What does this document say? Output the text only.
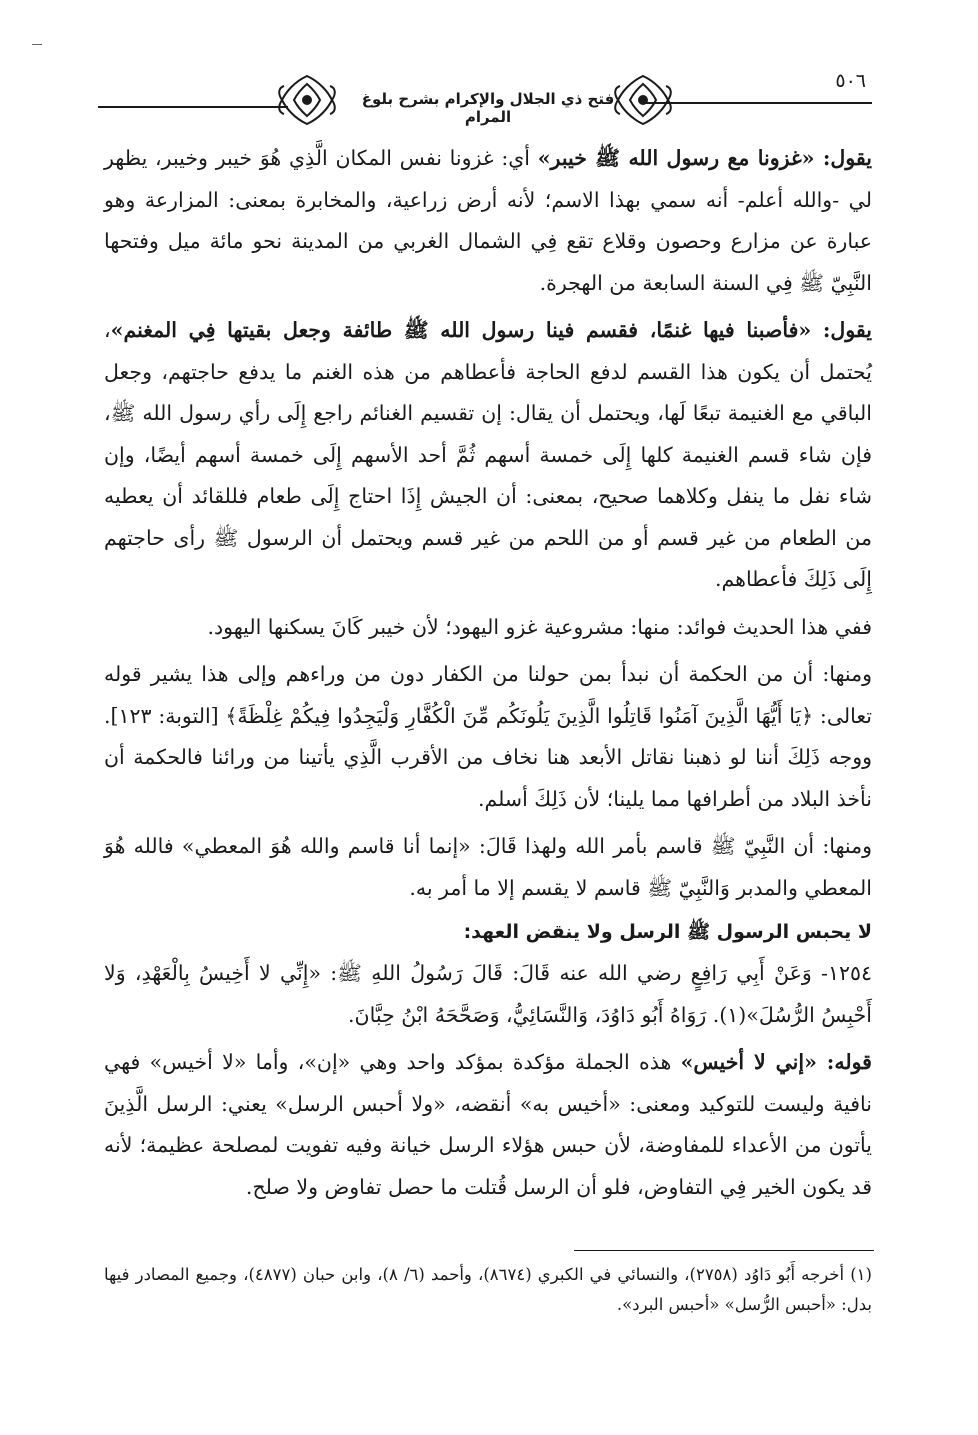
٥٠٦
فتح ذي الجلال والإكرام بشرح بلوغ المرام

يقول: «غزونا مع رسول الله ﷺ خيبر» أي: غزونا نفس المكان الَّذِي هُوَ خيبر وخيبر، يظهر لي -والله أعلم- أنه سمي بهذا الاسم؛ لأنه أرض زراعية، والمخابرة بمعنى: المزارعة وهو عبارة عن مزارع وحصون وقلاع تقع فِي الشمال الغربي من المدينة نحو مائة ميل وفتحها النَّبِيّ ﷺ فِي السنة السابعة من الهجرة.

يقول: «فأصبنا فيها غنمًا، فقسم فينا رسول الله ﷺ طائفة وجعل بقيتها فِي المغنم»، يُحتمل أن يكون هذا القسم لدفع الحاجة فأعطاهم من هذه الغنم ما يدفع حاجتهم، وجعل الباقي مع الغنيمة تبعًا لَها، ويحتمل أن يقال: إن تقسيم الغنائم راجع إِلَى رأي رسول الله ﷺ، فإن شاء قسم الغنيمة كلها إِلَى خمسة أسهم ثُمَّ أحد الأسهم إِلَى خمسة أسهم أيضًا، وإن شاء نفل ما ينفل وكلاهما صحيح، بمعنى: أن الجيش إِذَا احتاج إِلَى طعام فللقائد أن يعطيه من الطعام من غير قسم أو من اللحم من غير قسم ويحتمل أن الرسول ﷺ رأى حاجتهم إِلَى ذَلِكَ فأعطاهم.

ففي هذا الحديث فوائد: منها: مشروعية غزو اليهود؛ لأن خيبر كَانَ يسكنها اليهود.

ومنها: أن من الحكمة أن نبدأ بمن حولنا من الكفار دون من وراءهم وإلى هذا يشير قوله تعالى: ﴿يَا أَيُّهَا الَّذِينَ آمَنُوا قَاتِلُوا الَّذِينَ يَلُونَكُم مِّنَ الْكُفَّارِ وَلْيَجِدُوا فِيكُمْ غِلْظَةً﴾ [التوبة: ١٢٣]. ووجه ذَلِكَ أننا لو ذهبنا نقاتل الأبعد هنا نخاف من الأقرب الَّذِي يأتينا من ورائنا فالحكمة أن نأخذ البلاد من أطرافها مما يلينا؛ لأن ذَلِكَ أسلم.

ومنها: أن النَّبِيّ ﷺ قاسم بأمر الله ولهذا قَالَ: «إنما أنا قاسم والله هُوَ المعطي» فالله هُوَ المعطي والمدبر وَالنَّبِيّ ﷺ قاسم لا يقسم إلا ما أمر به.

لا يحبس الرسول ﷺ الرسل ولا ينقض العهد:

١٢٥٤- وَعَنْ أَبِي رَافِعٍ رضي الله عنه قَالَ: قَالَ رَسُولُ اللهِ ﷺ: «إِنِّي لا أَخِيسُ بِالْعَهْدِ، وَلا أَحْبِسُ الرُّسُلَ»(١). رَوَاهُ أَبُو دَاوُدَ، وَالنَّسَائِيُّ، وَصَحَّحَهُ ابْنُ حِبَّانَ.

قوله: «إني لا أخيس» هذه الجملة مؤكدة بمؤكد واحد وهي «إن»، وأما «لا أخيس» فهي نافية وليست للتوكيد ومعنى: «أخيس به» أنقضه، «ولا أحبس الرسل» يعني: الرسل الَّذِينَ يأتون من الأعداء للمفاوضة، لأن حبس هؤلاء الرسل خيانة وفيه تفويت لمصلحة عظيمة؛ لأنه قد يكون الخير فِي التفاوض، فلو أن الرسل قُتلت ما حصل تفاوض ولا صلح.

(١) أخرجه أَبُو دَاوُد (٢٧٥٨)، والنسائي في الكبري (٨٦٧٤)، وأحمد (٦/ ٨)، وابن حبان (٤٨٧٧)، وجميع المصادر فيها بدل: «أحبس الرُّسل» «أحبس البرد».
